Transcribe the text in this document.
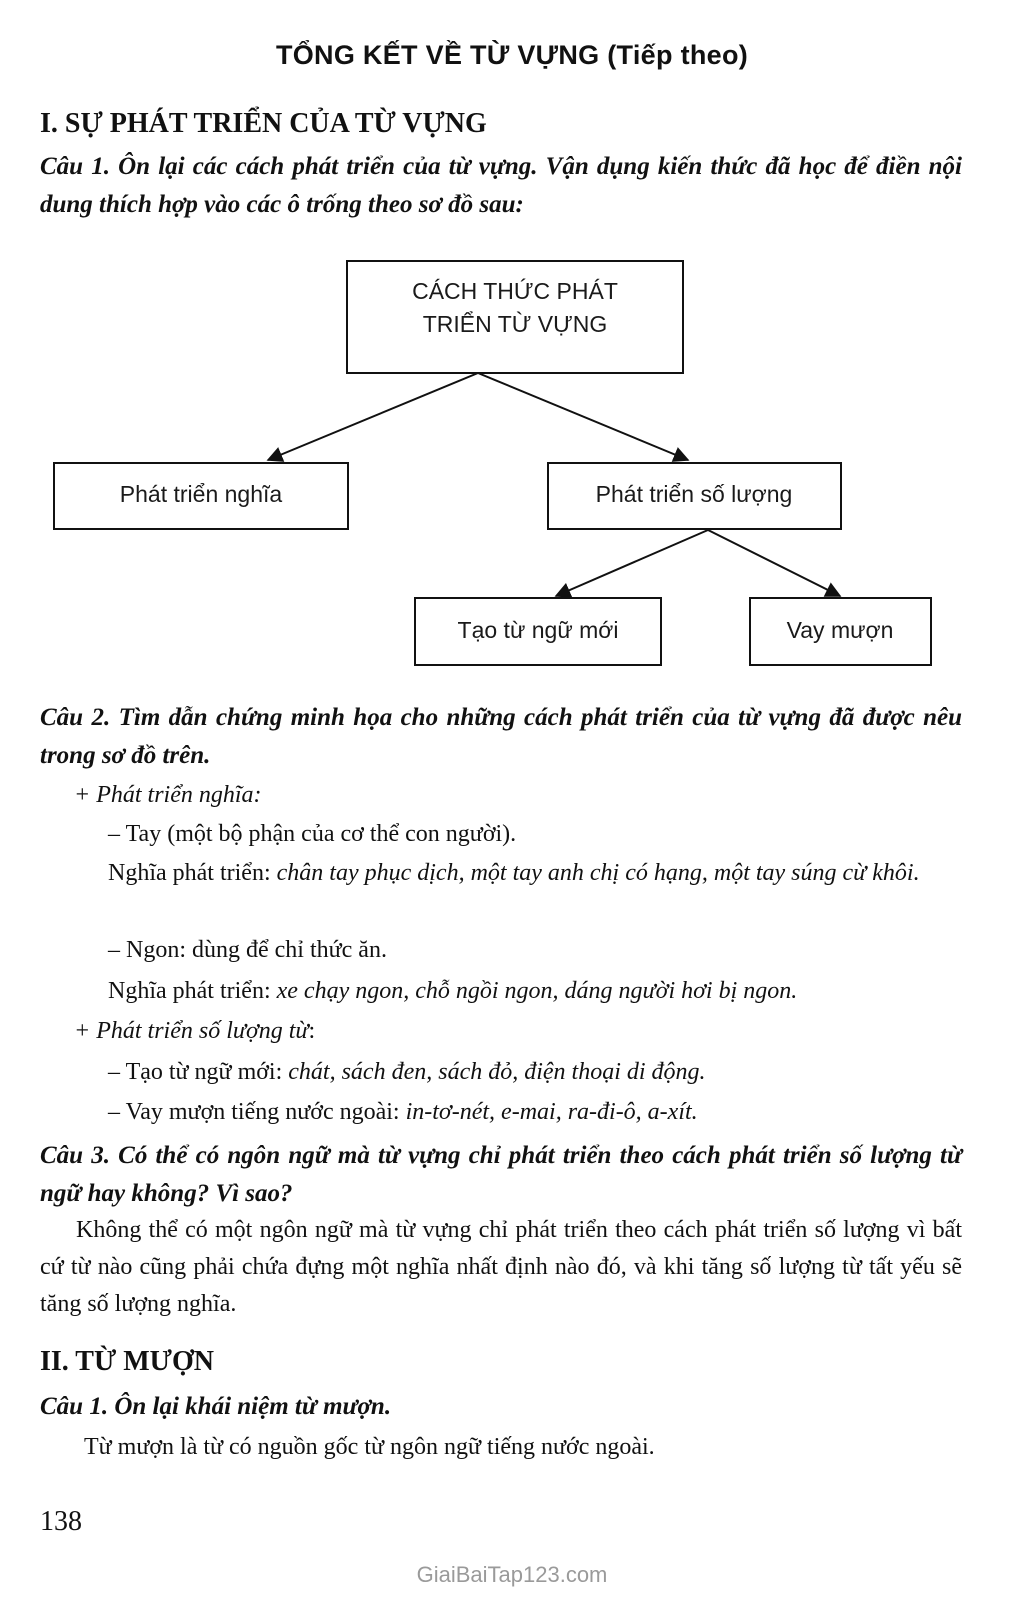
TỔNG KẾT VỀ TỪ VỰNG (Tiếp theo)
I. SỰ PHÁT TRIỂN CỦA TỪ VỰNG
Câu 1. Ôn lại các cách phát triển của từ vựng. Vận dụng kiến thức đã học để điền nội dung thích hợp vào các ô trống theo sơ đồ sau:
CÁCH THỨC PHÁT
TRIỂN TỪ VỰNG
Phát triển nghĩa	Phát triển số lượng
Tạo từ ngữ mới	Vay mượn
Câu 2. Tìm dẫn chứng minh họa cho những cách phát triển của từ vựng đã được nêu trong sơ đồ trên.
+ Phát triển nghĩa:
– Tay (một bộ phận của cơ thể con người).
Nghĩa phát triển: chân tay phục dịch, một tay anh chị có hạng, một tay súng cừ khôi.
– Ngon: dùng để chỉ thức ăn.
Nghĩa phát triển: xe chạy ngon, chỗ ngồi ngon, dáng người hơi bị ngon.
+ Phát triển số lượng từ:
– Tạo từ ngữ mới: chát, sách đen, sách đỏ, điện thoại di động.
– Vay mượn tiếng nước ngoài: in-tơ-nét, e-mai, ra-đi-ô, a-xít.
Câu 3. Có thể có ngôn ngữ mà từ vựng chỉ phát triển theo cách phát triển số lượng từ ngữ hay không? Vì sao?
Không thể có một ngôn ngữ mà từ vựng chỉ phát triển theo cách phát triển số lượng vì bất cứ từ nào cũng phải chứa đựng một nghĩa nhất định nào đó, và khi tăng số lượng từ tất yếu sẽ tăng số lượng nghĩa.
II. TỪ MƯỢN
Câu 1. Ôn lại khái niệm từ mượn.
Từ mượn là từ có nguồn gốc từ ngôn ngữ tiếng nước ngoài.
138
GiaiBaiTap123.com
